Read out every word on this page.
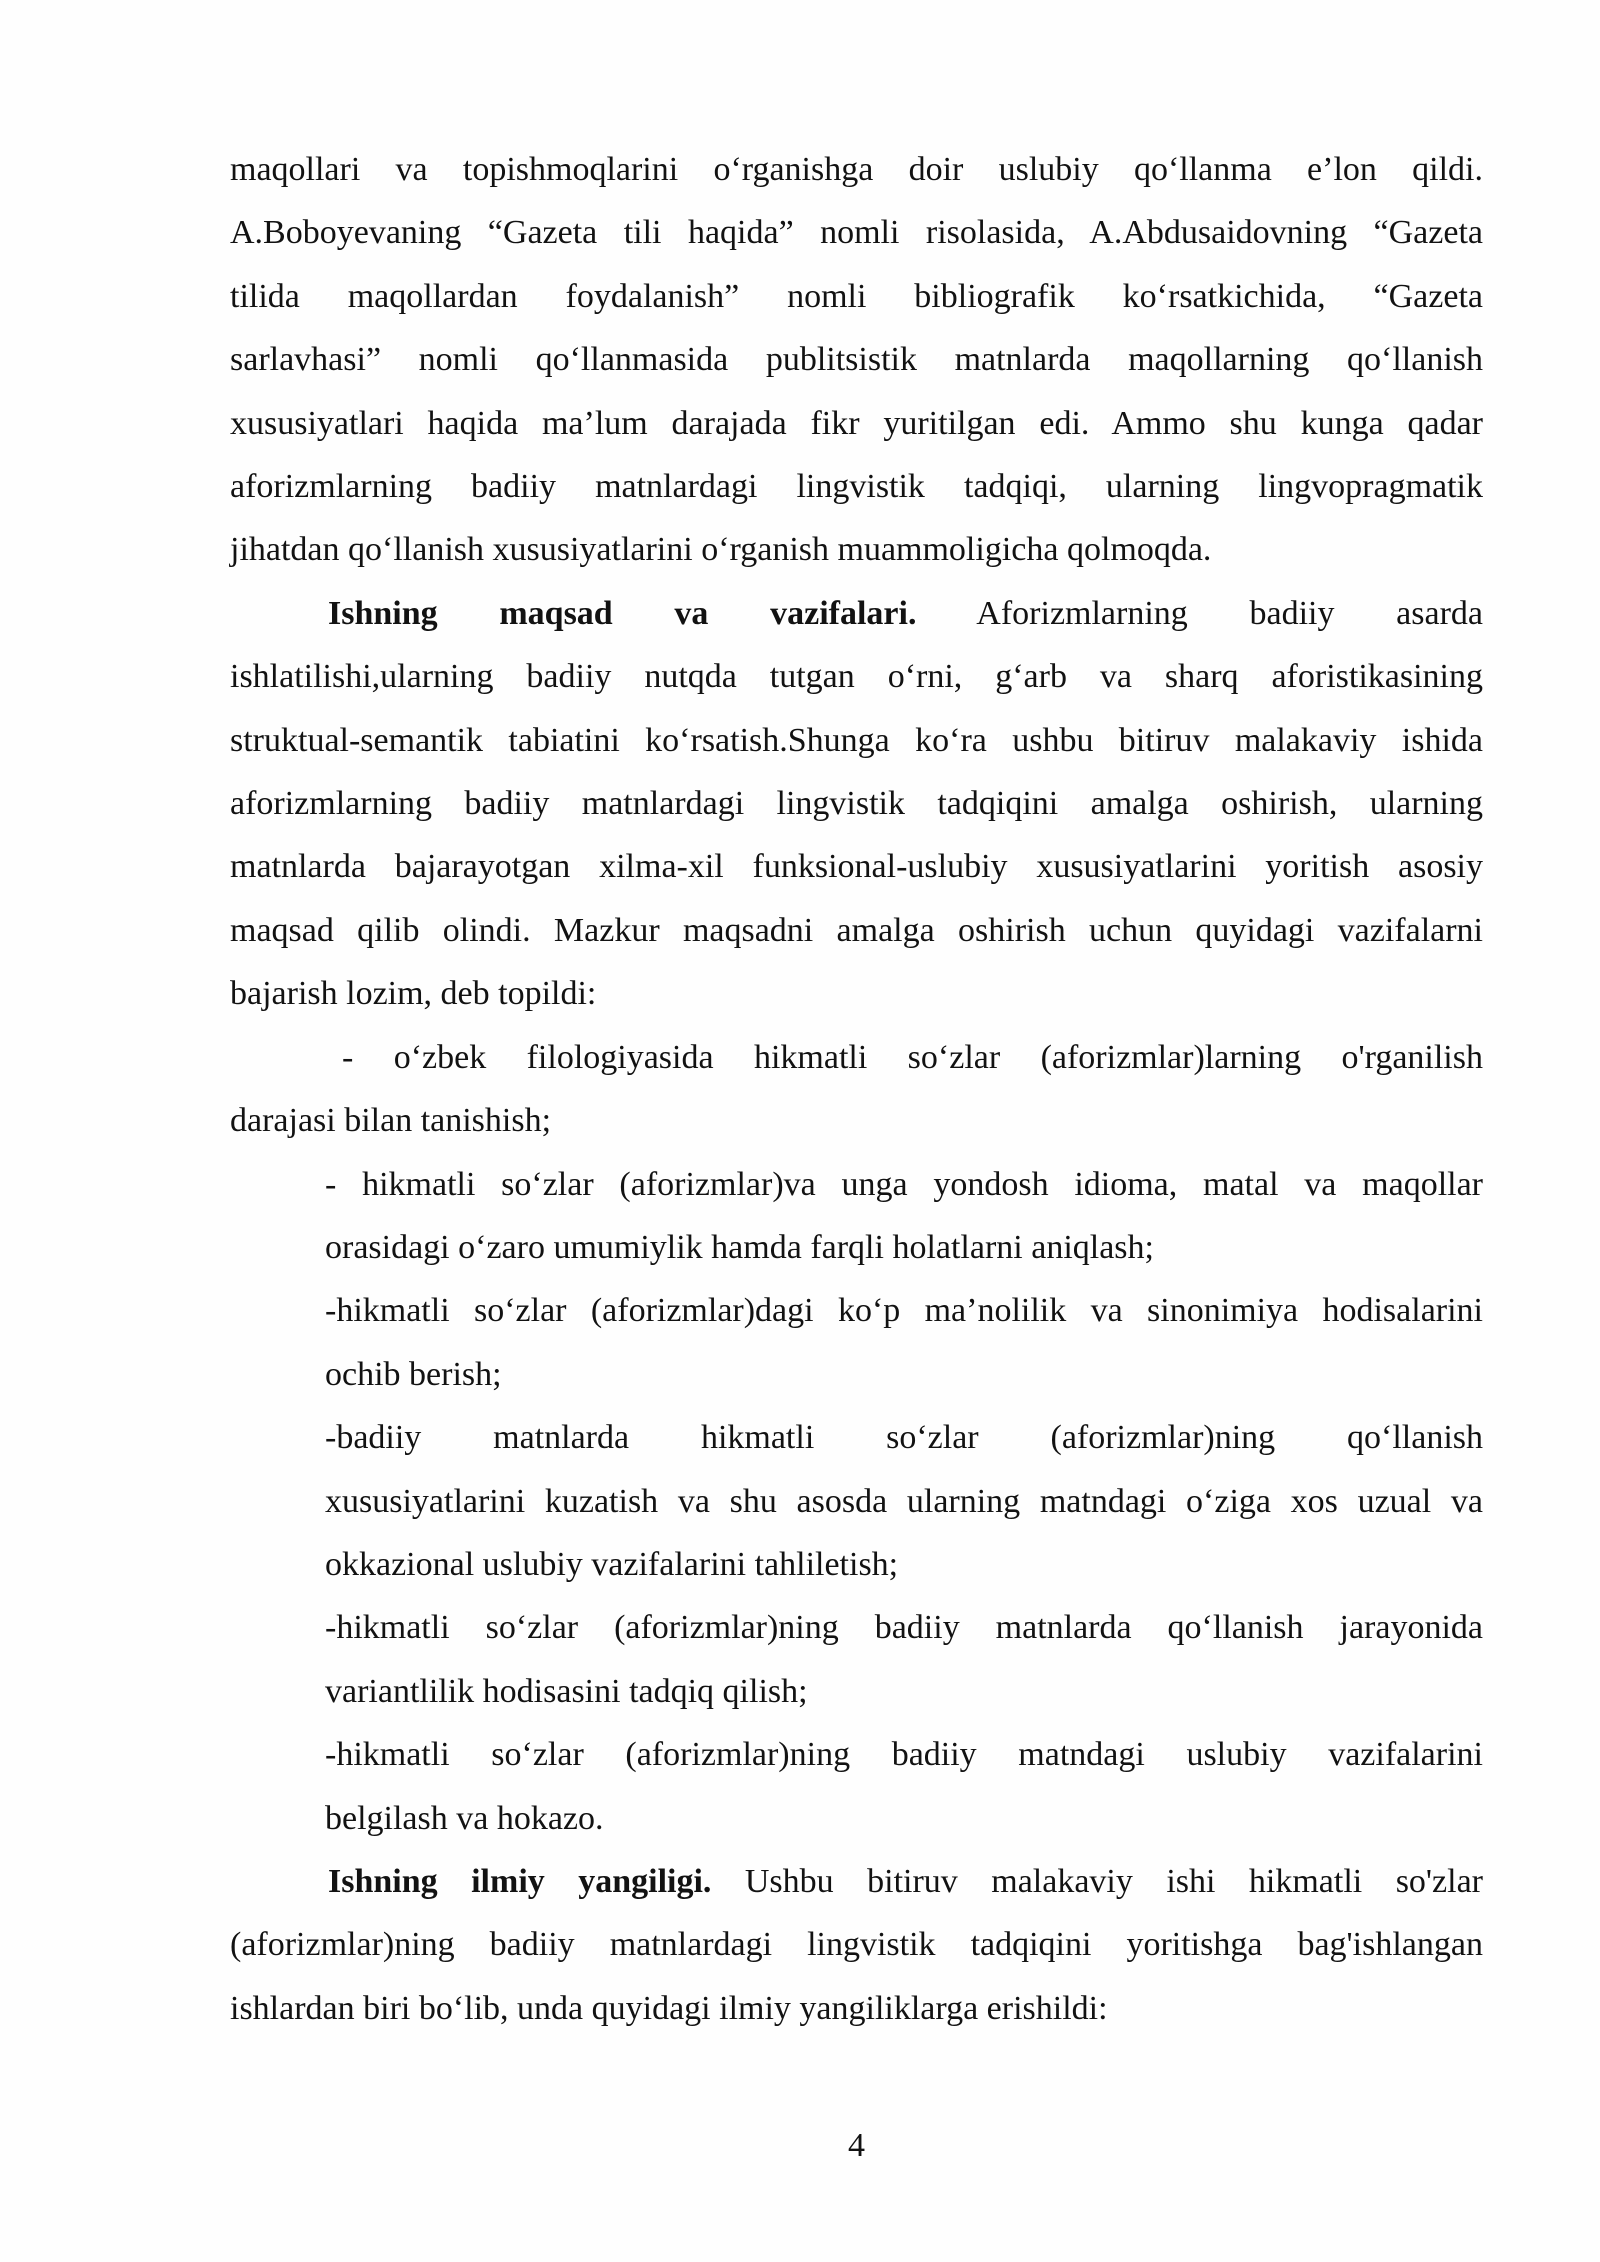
maqollari va topishmoqlarini o‘rganishga doir uslubiy qo‘llanma e’lon qildi.
A.Boboyevaning “Gazeta tili haqida” nomli risolasida, A.Abdusaidovning “Gazeta
tilida maqollardan foydalanish” nomli bibliografik ko‘rsatkichida, “Gazeta
sarlavhasi” nomli qo‘llanmasida publitsistik matnlarda maqollarning qo‘llanish
xususiyatlari haqida ma’lum darajada fikr yuritilgan edi. Ammo shu kunga qadar
aforizmlarning badiiy matnlardagi lingvistik tadqiqi, ularning lingvopragmatik
jihatdan qo‘llanish xususiyatlarini o‘rganish muammoligicha qolmoqda.
Ishning maqsad va vazifalari. Aforizmlarning badiiy asarda
ishlatilishi,ularning badiiy nutqda tutgan o‘rni, g‘arb va sharq aforistikasining
struktual-semantik tabiatini ko‘rsatish.Shunga ko‘ra ushbu bitiruv malakaviy ishida
aforizmlarning badiiy matnlardagi lingvistik tadqiqini amalga oshirish, ularning
matnlarda bajarayotgan xilma-xil funksional-uslubiy xususiyatlarini yoritish asosiy
maqsad qilib olindi. Mazkur maqsadni amalga oshirish uchun quyidagi vazifalarni
bajarish lozim, deb topildi:
- o‘zbek filologiyasida hikmatli so‘zlar (aforizmlar)larning o'rganilish
darajasi bilan tanishish;
- hikmatli so‘zlar (aforizmlar)va unga yondosh idioma, matal va maqollar
orasidagi o‘zaro umumiylik hamda farqli holatlarni aniqlash;
-hikmatli so‘zlar (aforizmlar)dagi ko‘p ma’nolilik va sinonimiya hodisalarini
ochib berish;
-badiiy matnlarda hikmatli so‘zlar (aforizmlar)ning qo‘llanish
xususiyatlarini kuzatish va shu asosda ularning matndagi o‘ziga xos uzual va
okkazional uslubiy vazifalarini tahliletish;
-hikmatli so‘zlar (aforizmlar)ning badiiy matnlarda qo‘llanish jarayonida
variantlilik hodisasini tadqiq qilish;
-hikmatli so‘zlar (aforizmlar)ning badiiy matndagi uslubiy vazifalarini
belgilash va hokazo.
Ishning ilmiy yangiligi. Ushbu bitiruv malakaviy ishi hikmatli so'zlar
(aforizmlar)ning badiiy matnlardagi lingvistik tadqiqini yoritishga bag'ishlangan
ishlardan biri bo‘lib, unda quyidagi ilmiy yangiliklarga erishildi:
4
